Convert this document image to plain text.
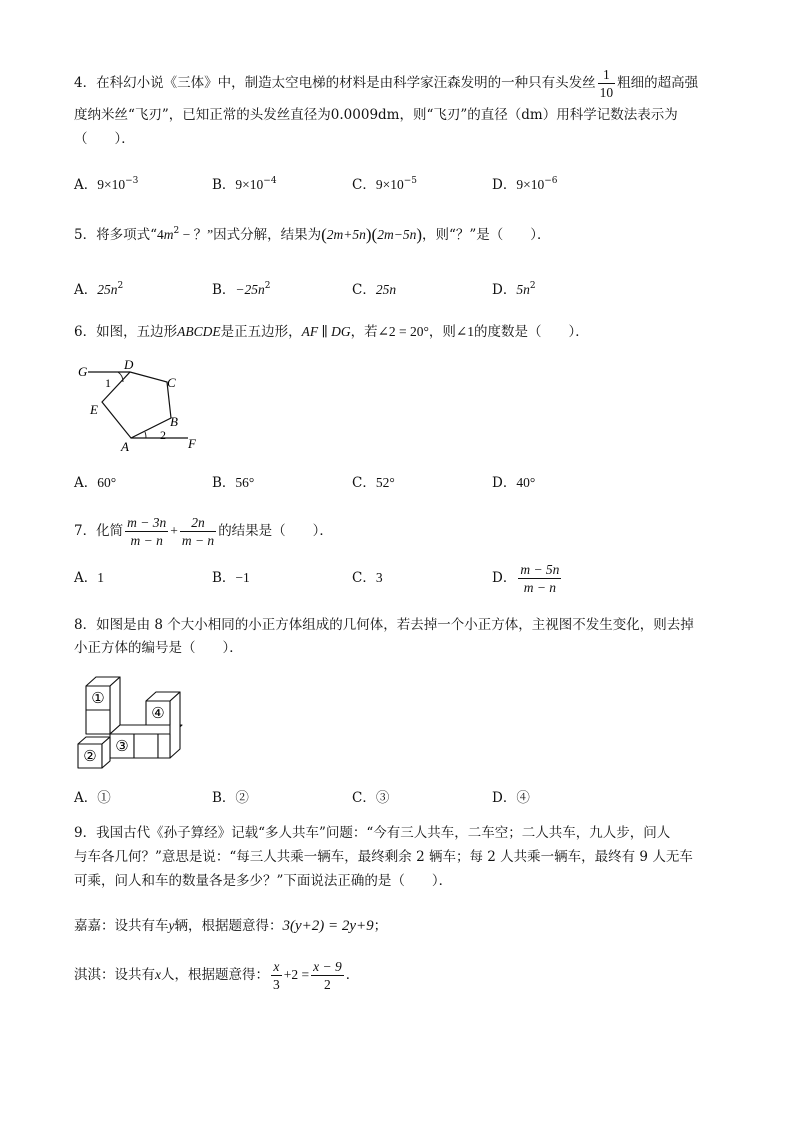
4．在科幻小说《三体》中，制造太空电梯的材料是由科学家汪森发明的一种只有头发丝 $\frac{1}{10}$ 粗细的超高强
度纳米丝“飞刃”，已知正常的头发丝直径为0.0009dm，则“飞刃”的直径（dm）用科学记数法表示为
（　　）．
A．$9\times 10^{-3}$	B．$9\times 10^{-4}$	C．$9\times 10^{-5}$	D．$9\times 10^{-6}$
5．将多项式“$4m^2$ − ？”因式分解，结果为(2m+5n)(2m−5n)，则“？”是（　　）．
A．$25n^2$	B．$-25n^2$	C．25n	D．$5n^2$
6．如图，五边形ABCDE是正五边形，AF ∥ DG，若∠2 = 20°，则∠1的度数是（　　）．
G	D
C
E
B
A	F
1
2
A．60°	B．56°	C．52°	D．40°
7．化简 $\frac{m - 3n}{m - n} + \frac{2n}{m - n}$ 的结果是（　　）．
A．1	B．−1	C．3	D． $\frac{m - 5n}{m - n}$
8．如图是由 8 个大小相同的小正方体组成的几何体，若去掉一个小正方体，主视图不发生变化，则去掉
小正方体的编号是（　　）．
①
②
③
④
A．①	B．②	C．③	D．④
9．我国古代《孙子算经》记载“多人共车”问题：“今有三人共车，二车空；二人共车，九人步，问人
与车各几何？”意思是说：“每三人共乘一辆车，最终剩余 2 辆车；每 2 人共乘一辆车，最终有 9 人无车
可乘，问人和车的数量各是多少？”下面说法正确的是（　　）．
嘉嘉：设共有车y辆，根据题意得：3(y+2) = 2y+9；
淇淇：设共有x人，根据题意得： $\frac{x}{3} +2 = \frac{x - 9}{2}$ ．
